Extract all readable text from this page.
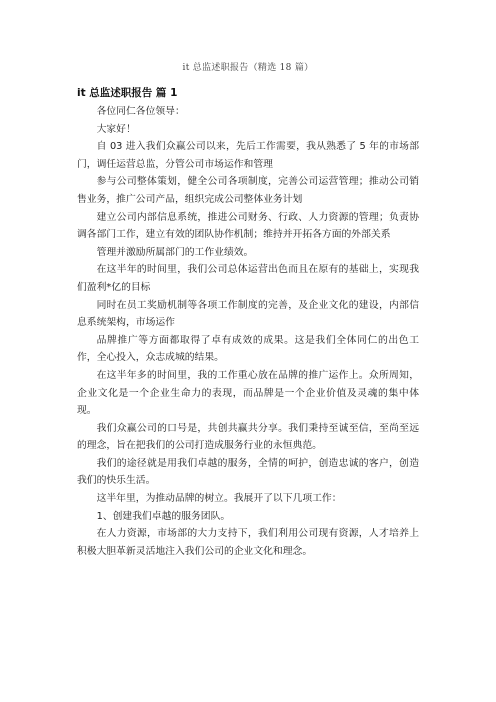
it 总监述职报告（精选 18 篇）
it 总监述职报告 篇 1

各位同仁各位领导：

大家好！

自 03 进入我们众赢公司以来，先后工作需要，我从熟悉了 5 年的市场部门，调任运营总监，分管公司市场运作和管理

参与公司整体策划，健全公司各项制度，完善公司运营管理；推动公司销售业务，推广公司产品，组织完成公司整体业务计划

建立公司内部信息系统，推进公司财务、行政、人力资源的管理；负责协调各部门工作，建立有效的团队协作机制；维持并开拓各方面的外部关系

管理并激励所属部门的工作业绩效。

在这半年的时间里，我们公司总体运营出色而且在原有的基础上，实现我们盈利*亿的目标

同时在员工奖励机制等各项工作制度的完善，及企业文化的建设，内部信息系统架构，市场运作

品牌推广等方面都取得了卓有成效的成果。这是我们全体同仁的出色工作，全心投入，众志成城的结果。

在这半年多的时间里，我的工作重心放在品牌的推广运作上。众所周知，企业文化是一个企业生命力的表现，而品牌是一个企业价值及灵魂的集中体现。

我们众赢公司的口号是，共创共赢共分享。我们秉持至诚至信，至尚至远的理念，旨在把我们的公司打造成服务行业的永恒典范。

我们的途径就是用我们卓越的服务，全情的呵护，创造忠诚的客户，创造我们的快乐生活。

这半年里，为推动品牌的树立。我展开了以下几项工作：

1、创建我们卓越的服务团队。

在人力资源，市场部的大力支持下，我们利用公司现有资源，人才培养上积极大胆革新灵活地注入我们公司的企业文化和理念。
